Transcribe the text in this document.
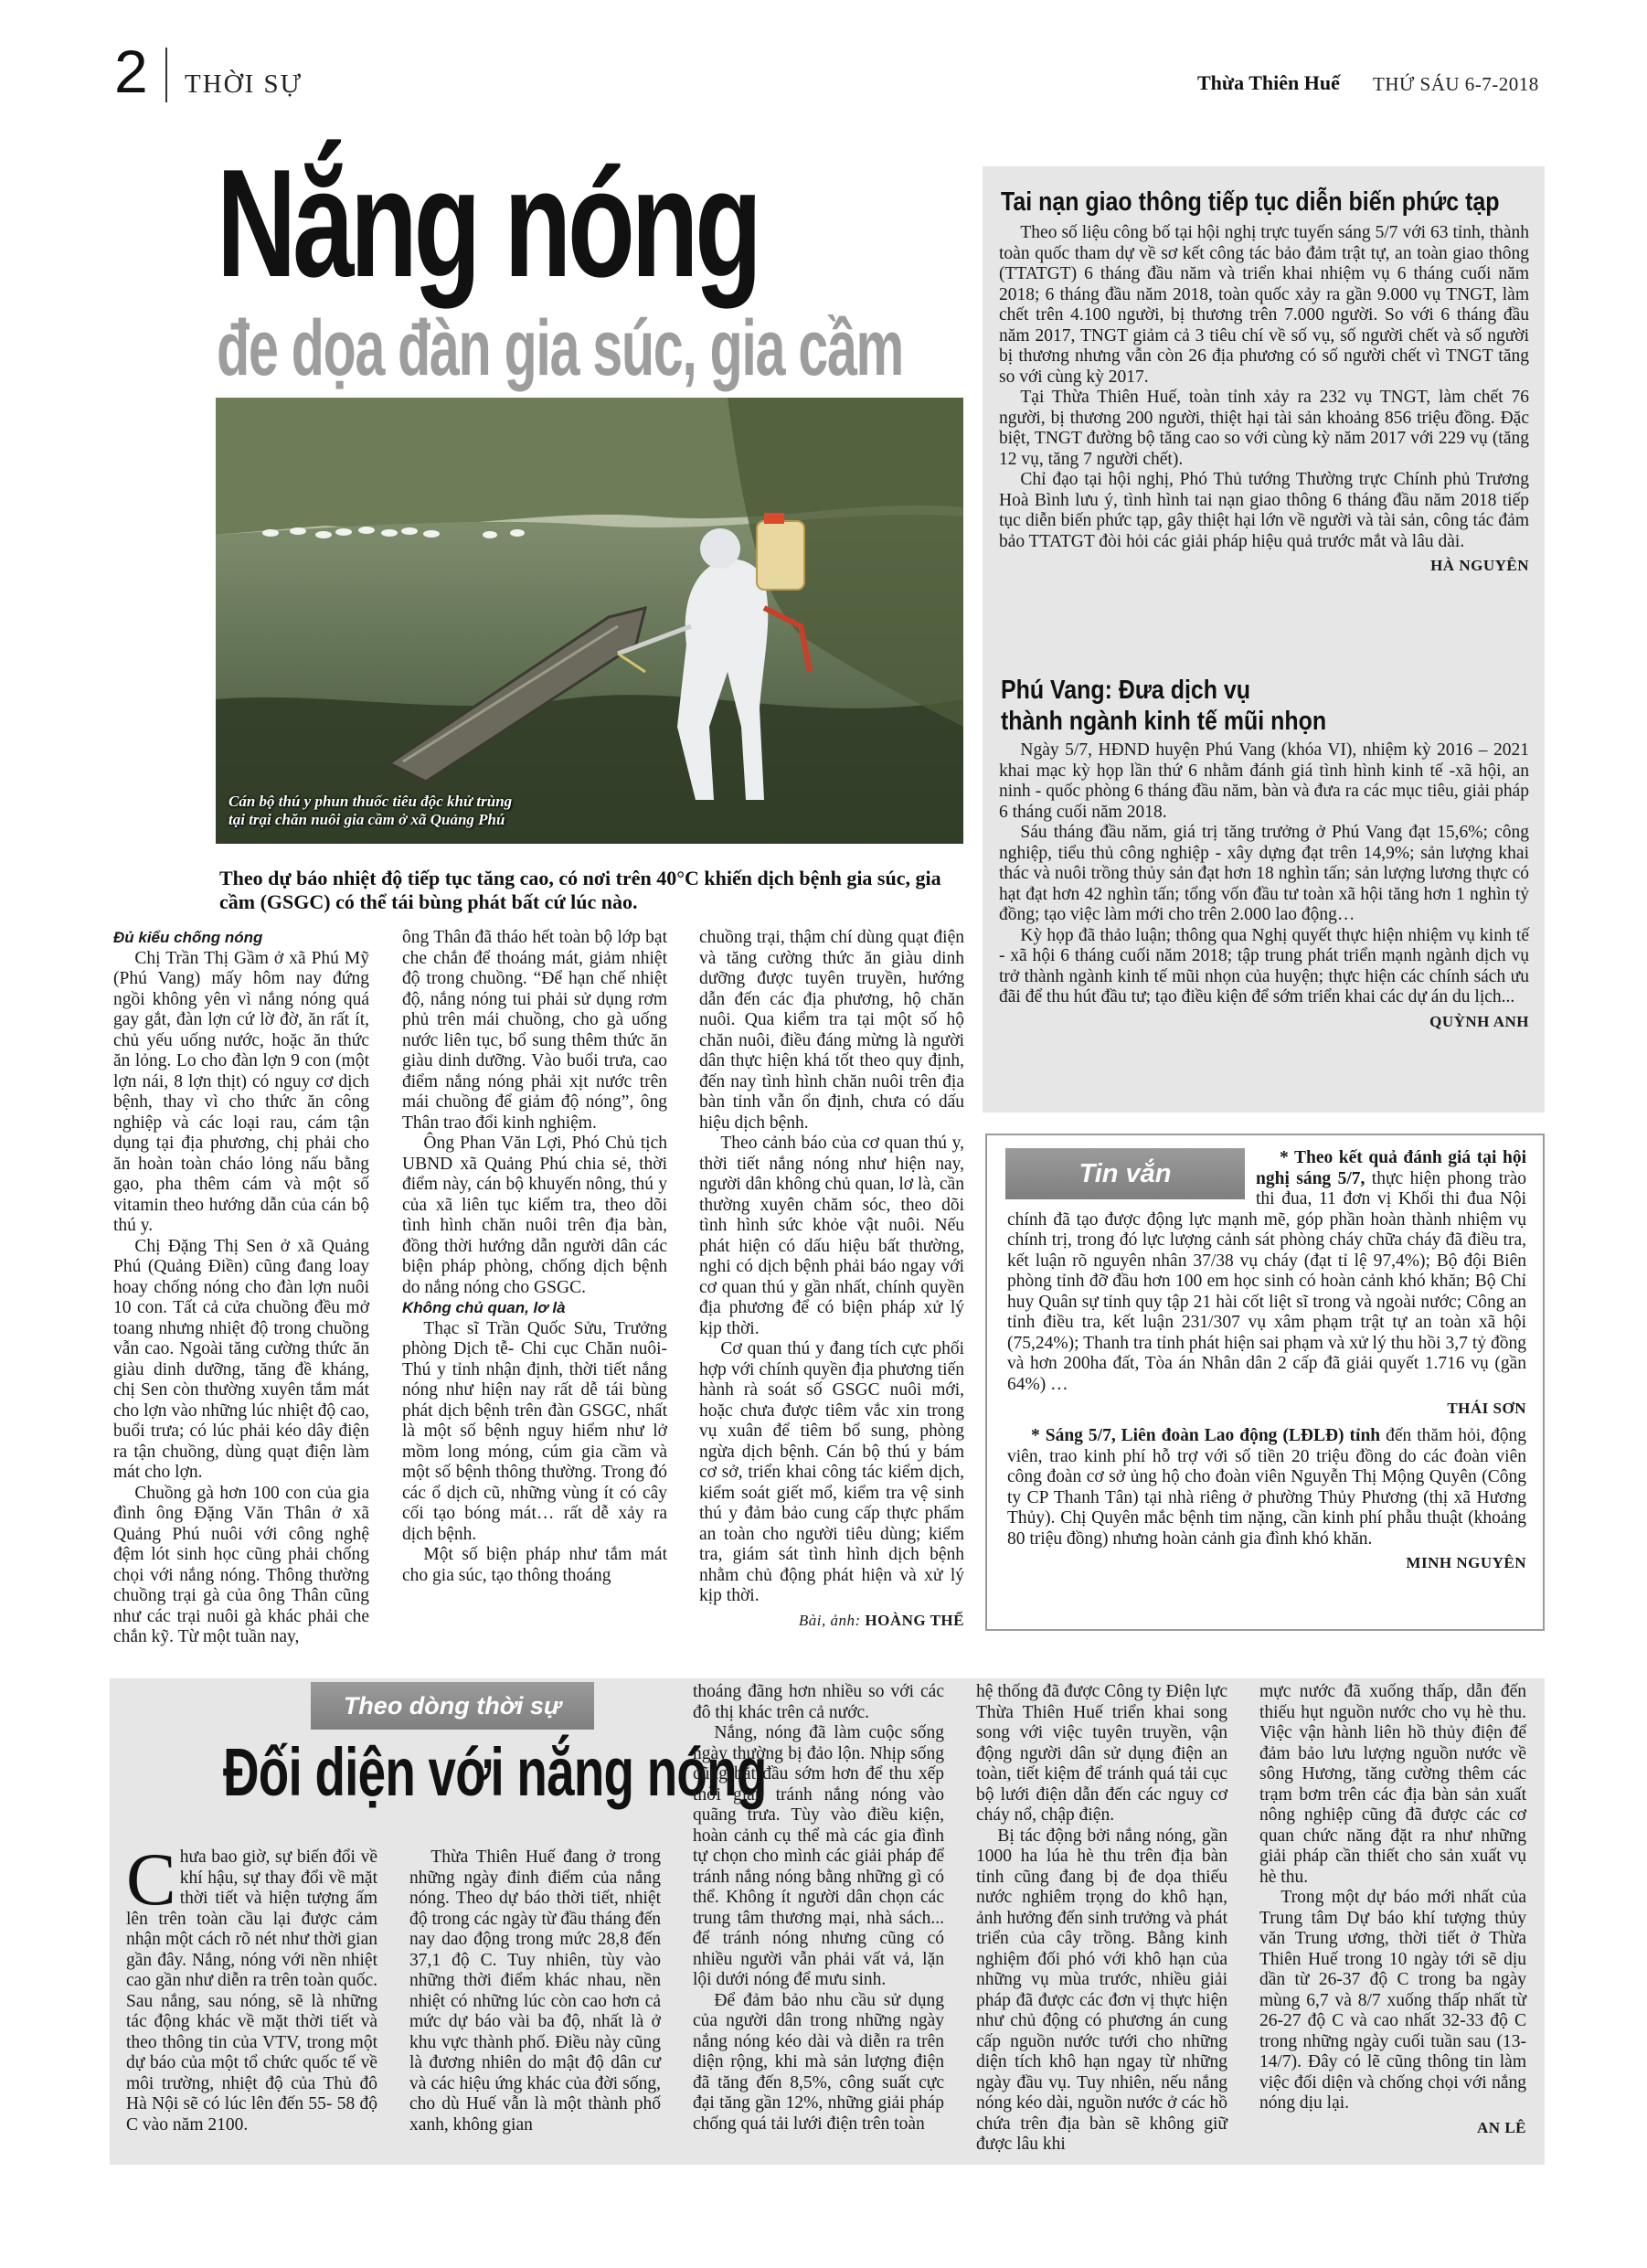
2 THỜI SỰ	Thừa Thiên Huế THỨ SÁU 6-7-2018
Nắng nóng
đe dọa đàn gia súc, gia cầm
Cán bộ thú y phun thuốc tiêu độc khử trùng
tại trại chăn nuôi gia cầm ở xã Quảng Phú
Theo dự báo nhiệt độ tiếp tục tăng cao, có nơi trên 40°C khiến dịch bệnh gia súc, gia cầm (GSGC) có thể tái bùng phát bất cứ lúc nào.

Đủ kiểu chống nóng

Chị Trần Thị Gầm ở xã Phú Mỹ (Phú Vang) mấy hôm nay đứng ngồi không yên vì nắng nóng quá gay gắt, đàn lợn cứ lờ đờ, ăn rất ít, chủ yếu uống nước, hoặc ăn thức ăn lỏng. Lo cho đàn lợn 9 con (một lợn nái, 8 lợn thịt) có nguy cơ dịch bệnh, thay vì cho thức ăn công nghiệp và các loại rau, cám tận dụng tại địa phương, chị phải cho ăn hoàn toàn cháo lỏng nấu bằng gạo, pha thêm cám và một số vitamin theo hướng dẫn của cán bộ thú y.

Chị Đặng Thị Sen ở xã Quảng Phú (Quảng Điền) cũng đang loay hoay chống nóng cho đàn lợn nuôi 10 con. Tất cả cửa chuồng đều mở toang nhưng nhiệt độ trong chuồng vẫn cao. Ngoài tăng cường thức ăn giàu dinh dưỡng, tăng đề kháng, chị Sen còn thường xuyên tắm mát cho lợn vào những lúc nhiệt độ cao, buổi trưa; có lúc phải kéo dây điện ra tận chuồng, dùng quạt điện làm mát cho lợn.

Chuồng gà hơn 100 con của gia đình ông Đặng Văn Thân ở xã Quảng Phú nuôi với công nghệ đệm lót sinh học cũng phải chống chọi với nắng nóng. Thông thường chuồng trại gà của ông Thân cũng như các trại nuôi gà khác phải che chắn kỹ. Từ một tuần nay,

ông Thân đã tháo hết toàn bộ lớp bạt che chắn để thoáng mát, giảm nhiệt độ trong chuồng. “Để hạn chế nhiệt độ, nắng nóng tui phải sử dụng rơm phủ trên mái chuồng, cho gà uống nước liên tục, bổ sung thêm thức ăn giàu dinh dưỡng. Vào buổi trưa, cao điểm nắng nóng phải xịt nước trên mái chuồng để giảm độ nóng”, ông Thân trao đổi kinh nghiệm.

Ông Phan Văn Lợi, Phó Chủ tịch UBND xã Quảng Phú chia sẻ, thời điểm này, cán bộ khuyến nông, thú y của xã liên tục kiểm tra, theo dõi tình hình chăn nuôi trên địa bàn, đồng thời hướng dẫn người dân các biện pháp phòng, chống dịch bệnh do nắng nóng cho GSGC.

Không chủ quan, lơ là

Thạc sĩ Trần Quốc Sửu, Trưởng phòng Dịch tễ- Chi cục Chăn nuôi-Thú y tỉnh nhận định, thời tiết nắng nóng như hiện nay rất dễ tái bùng phát dịch bệnh trên đàn GSGC, nhất là một số bệnh nguy hiểm như lở mồm long móng, cúm gia cầm và một số bệnh thông thường. Trong đó các ổ dịch cũ, những vùng ít có cây cối tạo bóng mát… rất dễ xảy ra dịch bệnh.

Một số biện pháp như tắm mát cho gia súc, tạo thông thoáng

chuồng trại, thậm chí dùng quạt điện và tăng cường thức ăn giàu dinh dưỡng được tuyên truyền, hướng dẫn đến các địa phương, hộ chăn nuôi. Qua kiểm tra tại một số hộ chăn nuôi, điều đáng mừng là người dân thực hiện khá tốt theo quy định, đến nay tình hình chăn nuôi trên địa bàn tỉnh vẫn ổn định, chưa có dấu hiệu dịch bệnh.

Theo cảnh báo của cơ quan thú y, thời tiết nắng nóng như hiện nay, người dân không chủ quan, lơ là, cần thường xuyên chăm sóc, theo dõi tình hình sức khỏe vật nuôi. Nếu phát hiện có dấu hiệu bất thường, nghi có dịch bệnh phải báo ngay với cơ quan thú y gần nhất, chính quyền địa phương để có biện pháp xử lý kịp thời.

Cơ quan thú y đang tích cực phối hợp với chính quyền địa phương tiến hành rà soát số GSGC nuôi mới, hoặc chưa được tiêm vắc xin trong vụ xuân để tiêm bổ sung, phòng ngừa dịch bệnh. Cán bộ thú y bám cơ sở, triển khai công tác kiểm dịch, kiểm soát giết mổ, kiểm tra vệ sinh thú y đảm bảo cung cấp thực phẩm an toàn cho người tiêu dùng; kiểm tra, giám sát tình hình dịch bệnh nhằm chủ động phát hiện và xử lý kịp thời.

Bài, ảnh: HOÀNG THẾ
Tai nạn giao thông tiếp tục diễn biến phức tạp

Theo số liệu công bố tại hội nghị trực tuyến sáng 5/7 với 63 tỉnh, thành toàn quốc tham dự về sơ kết công tác bảo đảm trật tự, an toàn giao thông (TTATGT) 6 tháng đầu năm và triển khai nhiệm vụ 6 tháng cuối năm 2018; 6 tháng đầu năm 2018, toàn quốc xảy ra gần 9.000 vụ TNGT, làm chết trên 4.100 người, bị thương trên 7.000 người. So với 6 tháng đầu năm 2017, TNGT giảm cả 3 tiêu chí về số vụ, số người chết và số người bị thương nhưng vẫn còn 26 địa phương có số người chết vì TNGT tăng so với cùng kỳ 2017.

Tại Thừa Thiên Huế, toàn tỉnh xảy ra 232 vụ TNGT, làm chết 76 người, bị thương 200 người, thiệt hại tài sản khoảng 856 triệu đồng. Đặc biệt, TNGT đường bộ tăng cao so với cùng kỳ năm 2017 với 229 vụ (tăng 12 vụ, tăng 7 người chết).

Chỉ đạo tại hội nghị, Phó Thủ tướng Thường trực Chính phủ Trương Hoà Bình lưu ý, tình hình tai nạn giao thông 6 tháng đầu năm 2018 tiếp tục diễn biến phức tạp, gây thiệt hại lớn về người và tài sản, công tác đảm bảo TTATGT đòi hỏi các giải pháp hiệu quả trước mắt và lâu dài.

HÀ NGUYÊN
Phú Vang: Đưa dịch vụ
thành ngành kinh tế mũi nhọn

Ngày 5/7, HĐND huyện Phú Vang (khóa VI), nhiệm kỳ 2016 – 2021 khai mạc kỳ họp lần thứ 6 nhằm đánh giá tình hình kinh tế -xã hội, an ninh - quốc phòng 6 tháng đầu năm, bàn và đưa ra các mục tiêu, giải pháp 6 tháng cuối năm 2018.

Sáu tháng đầu năm, giá trị tăng trưởng ở Phú Vang đạt 15,6%; công nghiệp, tiểu thủ công nghiệp - xây dựng đạt trên 14,9%; sản lượng khai thác và nuôi trồng thủy sản đạt hơn 18 nghìn tấn; sản lượng lương thực có hạt đạt hơn 42 nghìn tấn; tổng vốn đầu tư toàn xã hội tăng hơn 1 nghìn tỷ đồng; tạo việc làm mới cho trên 2.000 lao động…

Kỳ họp đã thảo luận; thông qua Nghị quyết thực hiện nhiệm vụ kinh tế - xã hội 6 tháng cuối năm 2018; tập trung phát triển mạnh ngành dịch vụ trở thành ngành kinh tế mũi nhọn của huyện; thực hiện các chính sách ưu đãi để thu hút đầu tư; tạo điều kiện để sớm triển khai các dự án du lịch...

QUỲNH ANH
Tin vắn
* Theo kết quả đánh giá tại hội nghị sáng 5/7, thực hiện phong trào thi đua, 11 đơn vị Khối thi đua Nội chính đã tạo được động lực mạnh mẽ, góp phần hoàn thành nhiệm vụ chính trị, trong đó lực lượng cảnh sát phòng cháy chữa cháy đã điều tra, kết luận rõ nguyên nhân 37/38 vụ cháy (đạt tỉ lệ 97,4%); Bộ đội Biên phòng tỉnh đỡ đầu hơn 100 em học sinh có hoàn cảnh khó khăn; Bộ Chỉ huy Quân sự tỉnh quy tập 21 hài cốt liệt sĩ trong và ngoài nước; Công an tỉnh điều tra, kết luận 231/307 vụ xâm phạm trật tự an toàn xã hội (75,24%); Thanh tra tỉnh phát hiện sai phạm và xử lý thu hồi 3,7 tỷ đồng và hơn 200ha đất, Tòa án Nhân dân 2 cấp đã giải quyết 1.716 vụ (gần 64%) …
THÁI SƠN
* Sáng 5/7, Liên đoàn Lao động (LĐLĐ) tỉnh đến thăm hỏi, động viên, trao kinh phí hỗ trợ với số tiền 20 triệu đồng do các đoàn viên công đoàn cơ sở ủng hộ cho đoàn viên Nguyễn Thị Mộng Quyên (Công ty CP Thanh Tân) tại nhà riêng ở phường Thủy Phương (thị xã Hương Thủy). Chị Quyên mắc bệnh tim nặng, cần kinh phí phẫu thuật (khoảng 80 triệu đồng) nhưng hoàn cảnh gia đình khó khăn.
MINH NGUYÊN
Theo dòng thời sự
Đối diện với nắng nóng
C hưa bao giờ, sự biến đổi về khí hậu, sự thay đổi về mặt thời tiết và hiện tượng ấm lên trên toàn cầu lại được cảm nhận một cách rõ nét như thời gian gần đây. Nắng, nóng với nền nhiệt cao gần như diễn ra trên toàn quốc. Sau nắng, sau nóng, sẽ là những tác động khác về mặt thời tiết và theo thông tin của VTV, trong một dự báo của một tổ chức quốc tế về môi trường, nhiệt độ của Thủ đô Hà Nội sẽ có lúc lên đến 55- 58 độ C vào năm 2100.

Thừa Thiên Huế đang ở trong những ngày đỉnh điểm của nắng nóng. Theo dự báo thời tiết, nhiệt độ trong các ngày từ đầu tháng đến nay dao động trong mức 28,8 đến 37,1 độ C. Tuy nhiên, tùy vào những thời điểm khác nhau, nền nhiệt có những lúc còn cao hơn cả mức dự báo vài ba độ, nhất là ở khu vực thành phố. Điều này cũng là đương nhiên do mật độ dân cư và các hiệu ứng khác của đời sống, cho dù Huế vẫn là một thành phố xanh, không gian

thoáng đãng hơn nhiều so với các đô thị khác trên cả nước.

Nắng, nóng đã làm cuộc sống ngày thường bị đảo lộn. Nhịp sống cũng bắt đầu sớm hơn để thu xếp thời gian tránh nắng nóng vào quãng trưa. Tùy vào điều kiện, hoàn cảnh cụ thể mà các gia đình tự chọn cho mình các giải pháp để tránh nắng nóng bằng những gì có thể. Không ít người dân chọn các trung tâm thương mại, nhà sách... để tránh nóng nhưng cũng có nhiều người vẫn phải vất vả, lặn lội dưới nóng để mưu sinh.

Để đảm bảo nhu cầu sử dụng của người dân trong những ngày nắng nóng kéo dài và diễn ra trên diện rộng, khi mà sản lượng điện đã tăng đến 8,5%, công suất cực đại tăng gần 12%, những giải pháp chống quá tải lưới điện trên toàn

hệ thống đã được Công ty Điện lực Thừa Thiên Huế triển khai song song với việc tuyên truyền, vận động người dân sử dụng điện an toàn, tiết kiệm để tránh quá tải cục bộ lưới điện dẫn đến các nguy cơ cháy nổ, chập điện.

Bị tác động bởi nắng nóng, gần 1000 ha lúa hè thu trên địa bàn tỉnh cũng đang bị đe dọa thiếu nước nghiêm trọng do khô hạn, ảnh hưởng đến sinh trưởng và phát triển của cây trồng. Bằng kinh nghiệm đối phó với khô hạn của những vụ mùa trước, nhiều giải pháp đã được các đơn vị thực hiện như chủ động có phương án cung cấp nguồn nước tưới cho những diện tích khô hạn ngay từ những ngày đầu vụ. Tuy nhiên, nếu nắng nóng kéo dài, nguồn nước ở các hồ chứa trên địa bàn sẽ không giữ được lâu khi

mực nước đã xuống thấp, dẫn đến thiếu hụt nguồn nước cho vụ hè thu. Việc vận hành liên hồ thủy điện để đảm bảo lưu lượng nguồn nước về sông Hương, tăng cường thêm các trạm bơm trên các địa bàn sản xuất nông nghiệp cũng đã được các cơ quan chức năng đặt ra như những giải pháp cần thiết cho sản xuất vụ hè thu.

Trong một dự báo mới nhất của Trung tâm Dự báo khí tượng thủy văn Trung ương, thời tiết ở Thừa Thiên Huế trong 10 ngày tới sẽ dịu dần từ 26-37 độ C trong ba ngày mùng 6,7 và 8/7 xuống thấp nhất từ 26-27 độ C và cao nhất 32-33 độ C trong những ngày cuối tuần sau (13-14/7). Đây có lẽ cũng thông tin làm việc đối diện và chống chọi với nắng nóng dịu lại.

AN LÊ
